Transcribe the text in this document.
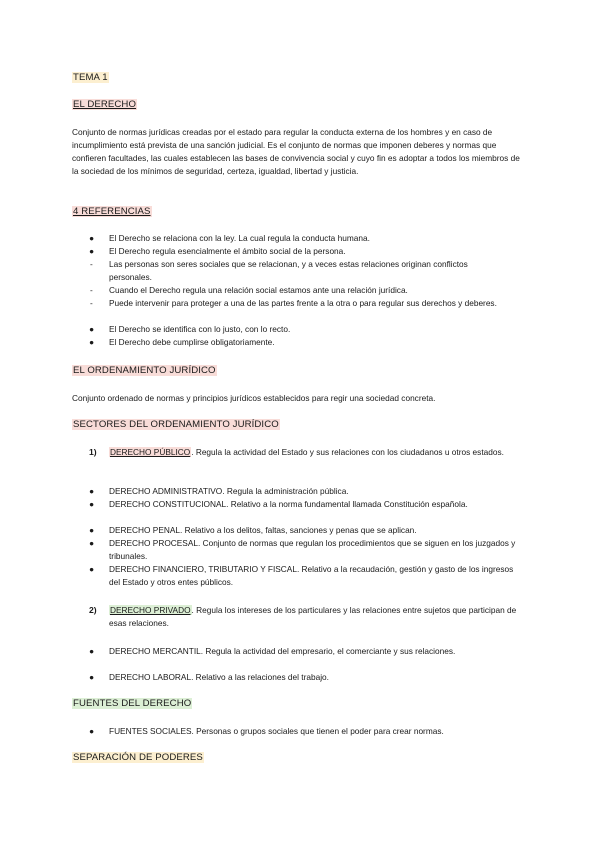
TEMA 1
EL DERECHO

Conjunto de normas jurídicas creadas por el estado para regular la conducta externa de los hombres y en caso de incumplimiento está prevista de una sanción judicial. Es el conjunto de normas que imponen deberes y normas que confieren facultades, las cuales establecen las bases de convivencia social y cuyo fin es adoptar a todos los miembros de la sociedad de los mínimos de seguridad, certeza, igualdad, libertad y justicia.

4 REFERENCIAS
● El Derecho se relaciona con la ley. La cual regula la conducta humana.
● El Derecho regula esencialmente el ámbito social de la persona.
- Las personas son seres sociales que se relacionan, y a veces estas relaciones originan conflictos personales.
- Cuando el Derecho regula una relación social estamos ante una relación jurídica.
- Puede intervenir para proteger a una de las partes frente a la otra o para regular sus derechos y deberes.
● El Derecho se identifica con lo justo, con lo recto.
● El Derecho debe cumplirse obligatoriamente.
EL ORDENAMIENTO JURÍDICO

Conjunto ordenado de normas y principios jurídicos establecidos para regir una sociedad concreta.

SECTORES DEL ORDENAMIENTO JURÍDICO
1) DERECHO PÚBLICO. Regula la actividad del Estado y sus relaciones con los ciudadanos u otros estados.
● DERECHO ADMINISTRATIVO. Regula la administración pública.
● DERECHO CONSTITUCIONAL. Relativo a la norma fundamental llamada Constitución española.
● DERECHO PENAL. Relativo a los delitos, faltas, sanciones y penas que se aplican.
● DERECHO PROCESAL. Conjunto de normas que regulan los procedimientos que se siguen en los juzgados y tribunales.
● DERECHO FINANCIERO, TRIBUTARIO Y FISCAL. Relativo a la recaudación, gestión y gasto de los ingresos del Estado y otros entes públicos.
2) DERECHO PRIVADO. Regula los intereses de los particulares y las relaciones entre sujetos que participan de esas relaciones.
● DERECHO MERCANTIL. Regula la actividad del empresario, el comerciante y sus relaciones.
● DERECHO LABORAL. Relativo a las relaciones del trabajo.
FUENTES DEL DERECHO
● FUENTES SOCIALES. Personas o grupos sociales que tienen el poder para crear normas.
SEPARACIÓN DE PODERES
